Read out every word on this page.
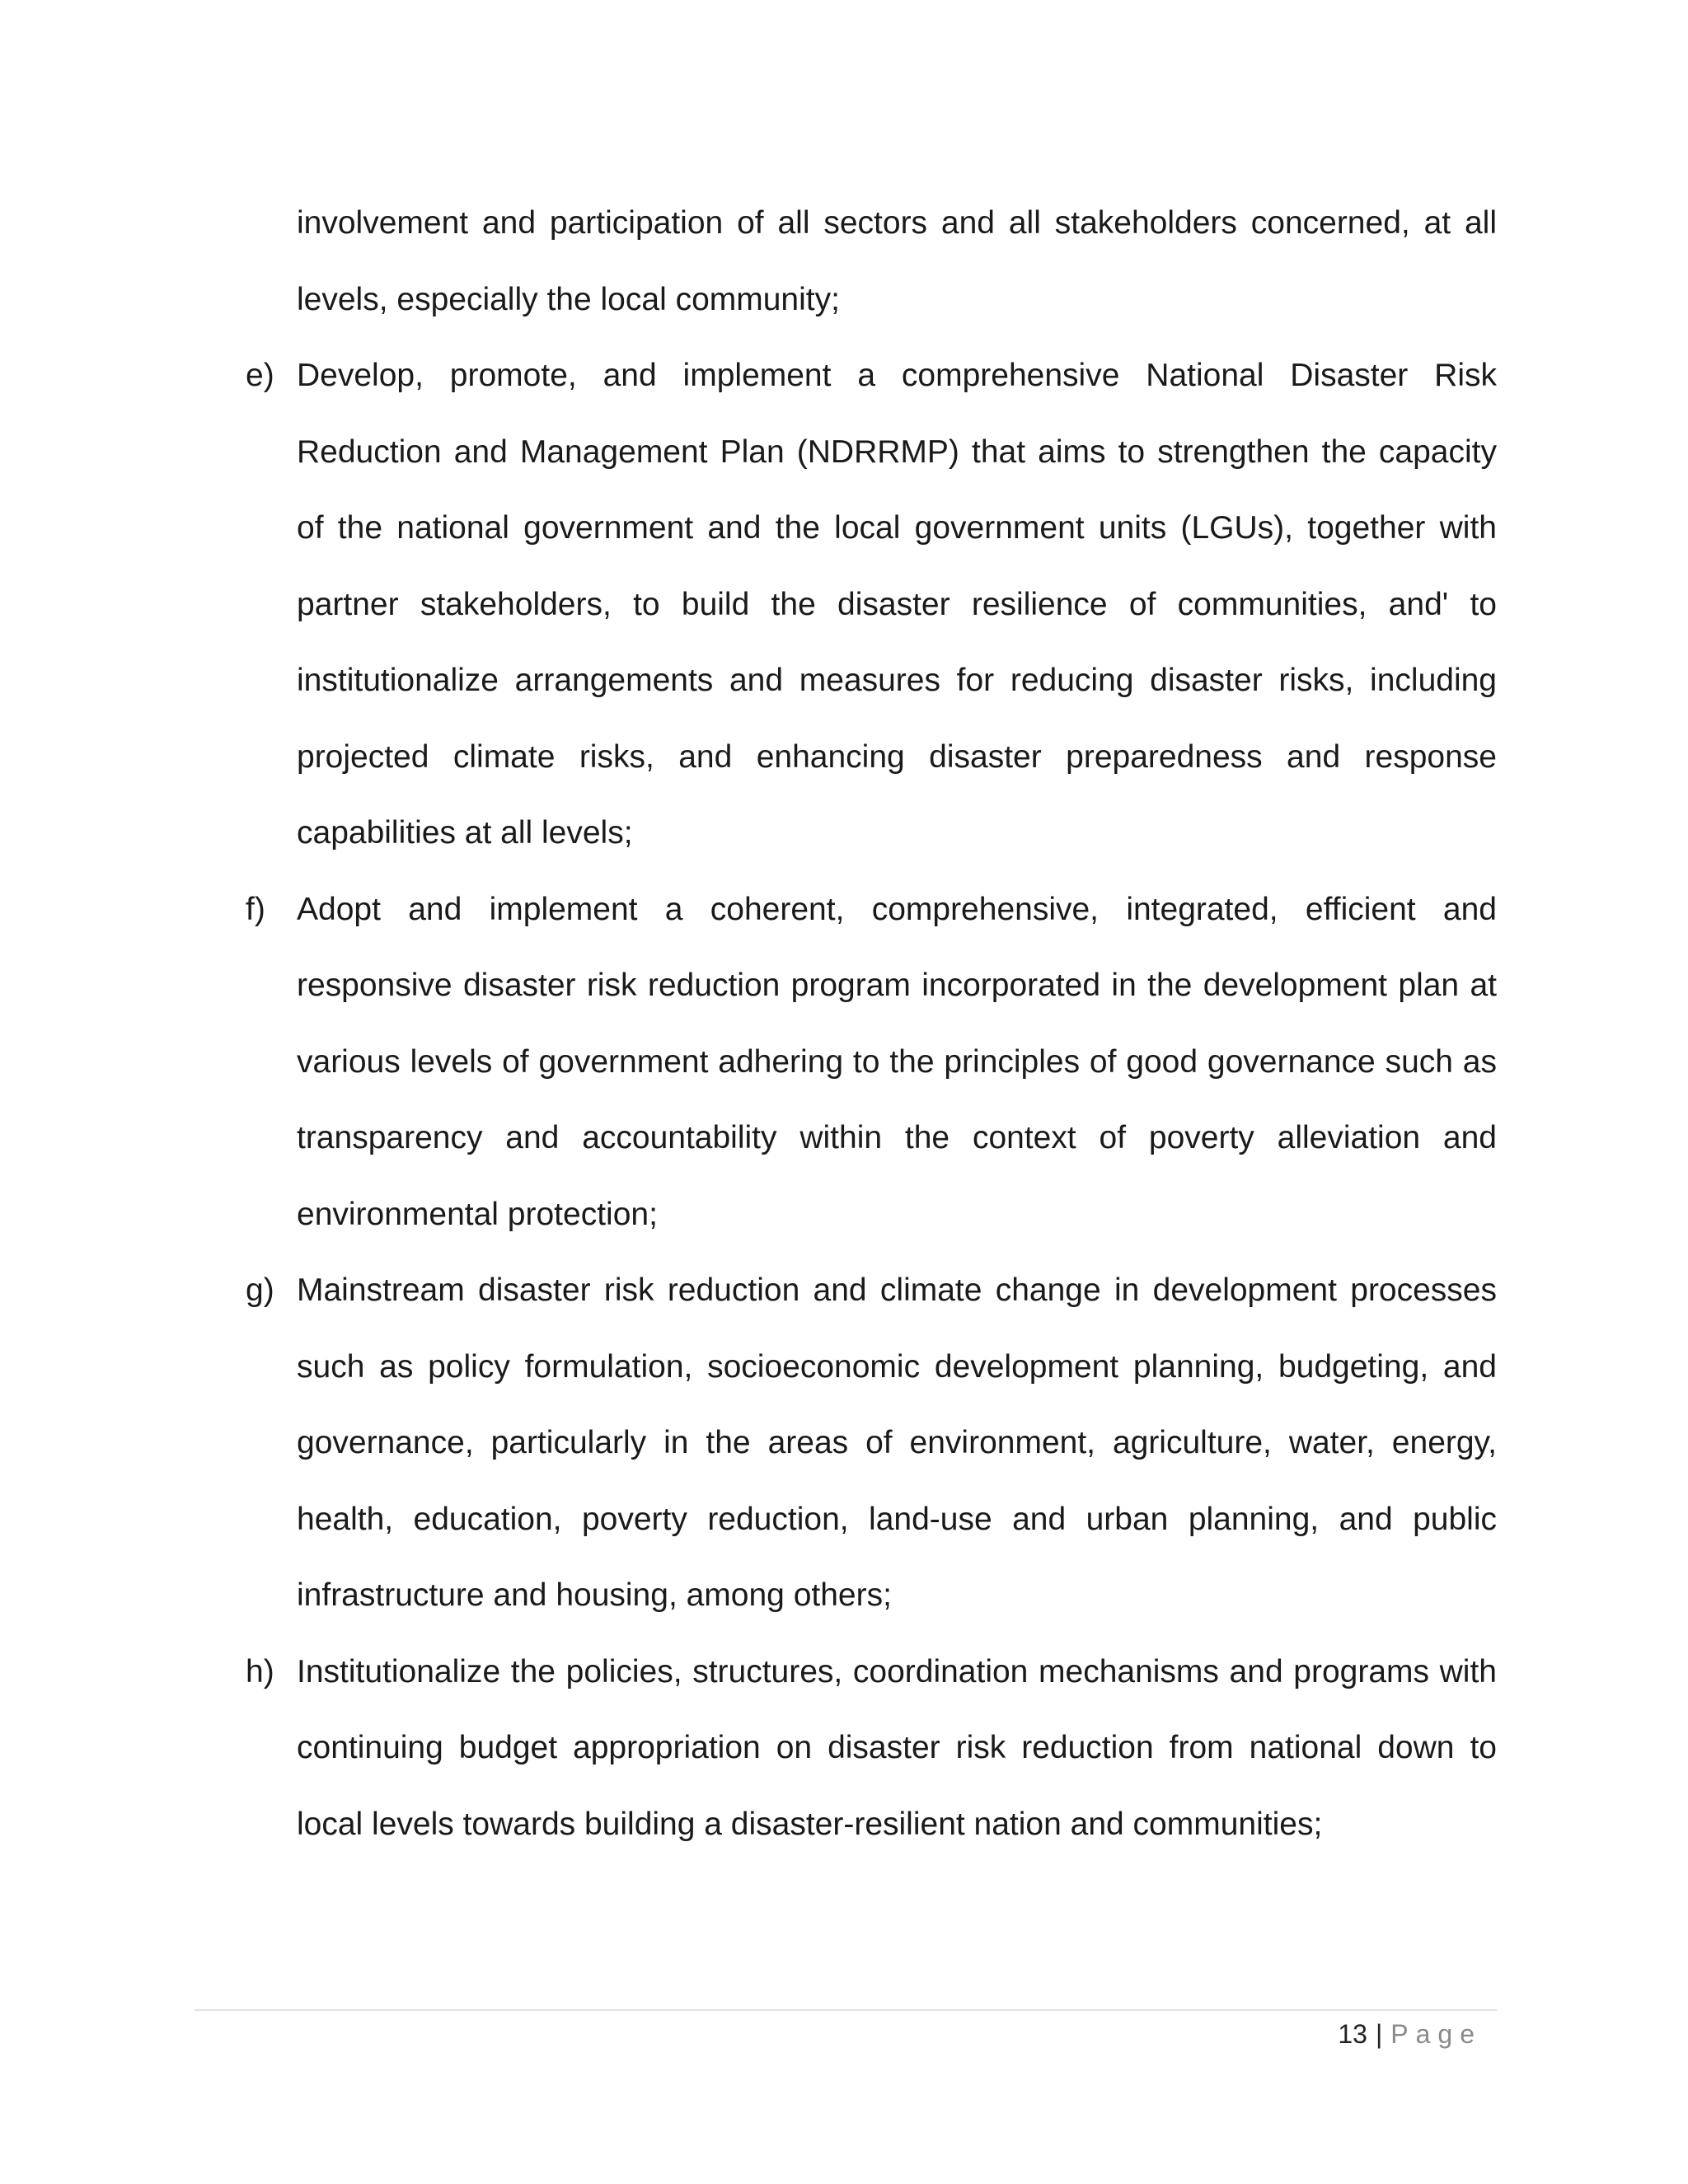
involvement and participation of all sectors and all stakeholders concerned, at all levels, especially the local community;
e) Develop, promote, and implement a comprehensive National Disaster Risk Reduction and Management Plan (NDRRMP) that aims to strengthen the capacity of the national government and the local government units (LGUs), together with partner stakeholders, to build the disaster resilience of communities, and' to institutionalize arrangements and measures for reducing disaster risks, including projected climate risks, and enhancing disaster preparedness and response capabilities at all levels;
f) Adopt and implement a coherent, comprehensive, integrated, efficient and responsive disaster risk reduction program incorporated in the development plan at various levels of government adhering to the principles of good governance such as transparency and accountability within the context of poverty alleviation and environmental protection;
g) Mainstream disaster risk reduction and climate change in development processes such as policy formulation, socioeconomic development planning, budgeting, and governance, particularly in the areas of environment, agriculture, water, energy, health, education, poverty reduction, land-use and urban planning, and public infrastructure and housing, among others;
h) Institutionalize the policies, structures, coordination mechanisms and programs with continuing budget appropriation on disaster risk reduction from national down to local levels towards building a disaster-resilient nation and communities;
13 | Page
